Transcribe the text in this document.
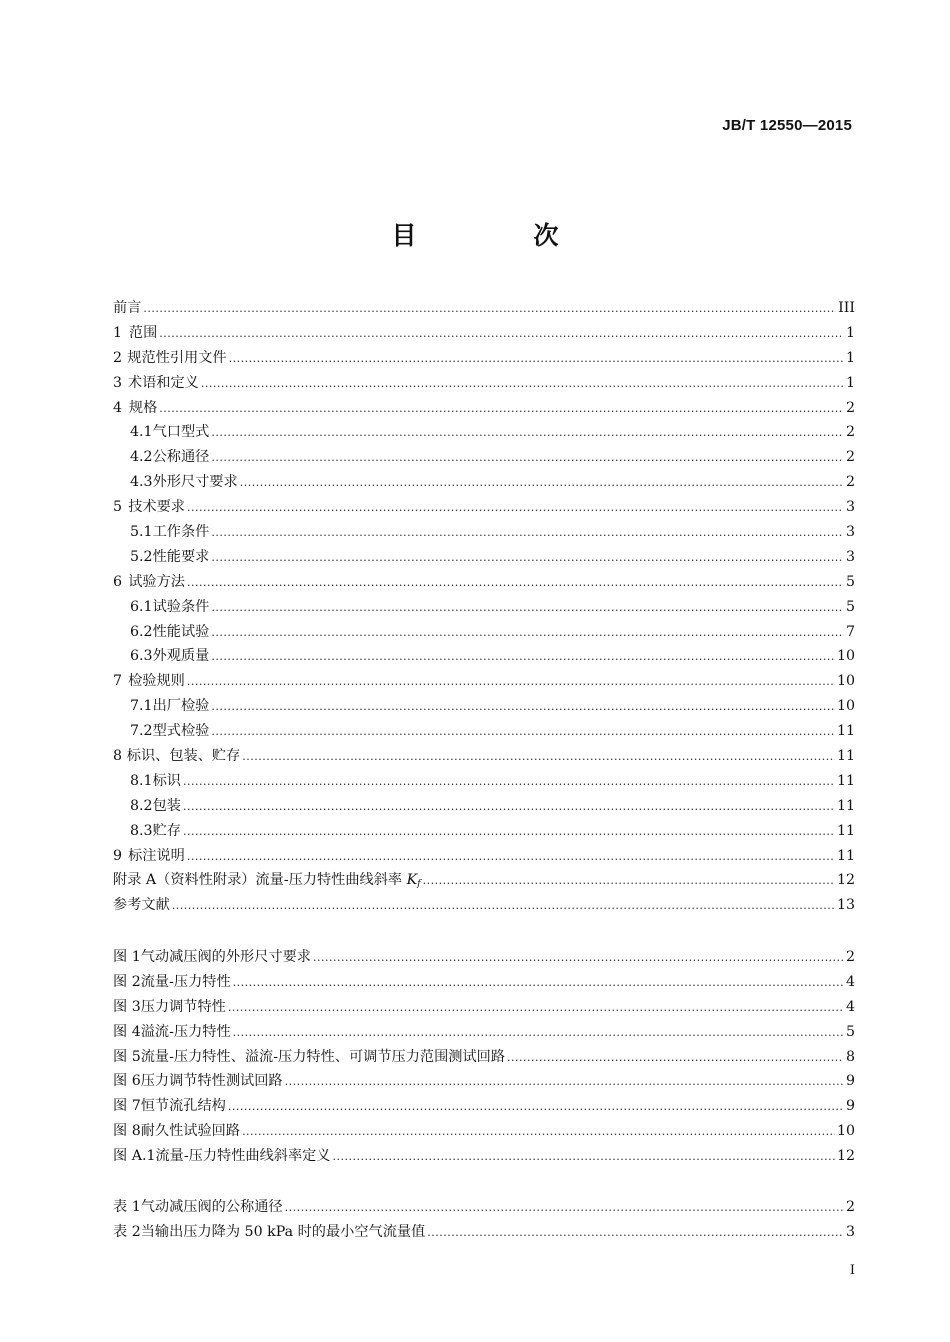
JB/T 12550—2015
目　次
前言 .....	III
1 范围 .....	1
2 规范性引用文件 .....	1
3 术语和定义 .....	1
4 规格 .....	2
4.1 气口型式 .....	2
4.2 公称通径 .....	2
4.3 外形尺寸要求 .....	2
5 技术要求 .....	3
5.1 工作条件 .....	3
5.2 性能要求 .....	3
6 试验方法 .....	5
6.1 试验条件 .....	5
6.2 性能试验 .....	7
6.3 外观质量 .....	10
7 检验规则 .....	10
7.1 出厂检验 .....	10
7.2 型式检验 .....	11
8 标识、包装、贮存 .....	11
8.1 标识 .....	11
8.2 包装 .....	11
8.3 贮存 .....	11
9 标注说明 .....	11
附录 A（资料性附录） 流量-压力特性曲线斜率 Kf .....	12
参考文献 .....	13
图 1 气动减压阀的外形尺寸要求 .....	2
图 2 流量-压力特性 .....	4
图 3 压力调节特性 .....	4
图 4 溢流-压力特性 .....	5
图 5 流量-压力特性、溢流-压力特性、可调节压力范围测试回路 .....	8
图 6 压力调节特性测试回路 .....	9
图 7 恒节流孔结构 .....	9
图 8 耐久性试验回路 .....	10
图 A.1 流量-压力特性曲线斜率定义 .....	12
表 1 气动减压阀的公称通径 .....	2
表 2 当输出压力降为 50 kPa 时的最小空气流量值 .....	3
I
